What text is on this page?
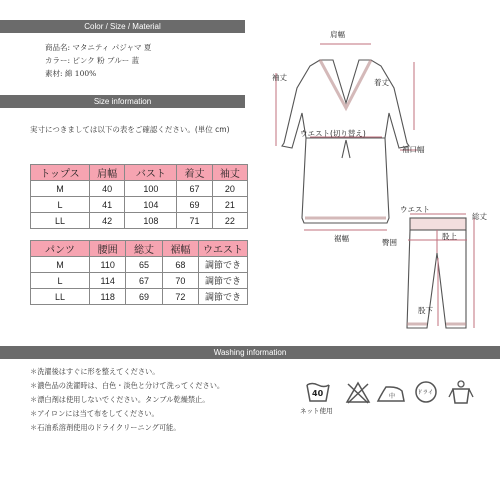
Color / Size / Material
商品名: マタニティ パジャマ 夏
カラー: ピンク 粉 ブルー 蓝
素材: 綿 100%
Size information
実寸につきましては以下の表をご確認ください。(単位 cm)
トップス	肩幅	バスト	着丈	袖丈
M	40	100	67	20
L	41	104	69	21
LL	42	108	71	22
パンツ	腰囲	総丈	裾幅	ウエスト
M	110	65	68	調節でき
L	114	67	70	調節でき
LL	118	69	72	調節でき
肩幅
袖丈
着丈
ウエスト(切り替え)
袖口幅
裾幅
ウエスト
総丈
臀囲
股上
股下
Washing information
＊洗濯後はすぐに形を整えてください。
＊濃色品の洗濯時は、白色・淡色と分けて洗ってください。
＊漂白剤は使用しないでください。タンブル乾燥禁止。
＊アイロンには当て布をしてください。
＊石油系溶剤使用のドライクリーニング可能。
40
ネット使用
中	ドライ
